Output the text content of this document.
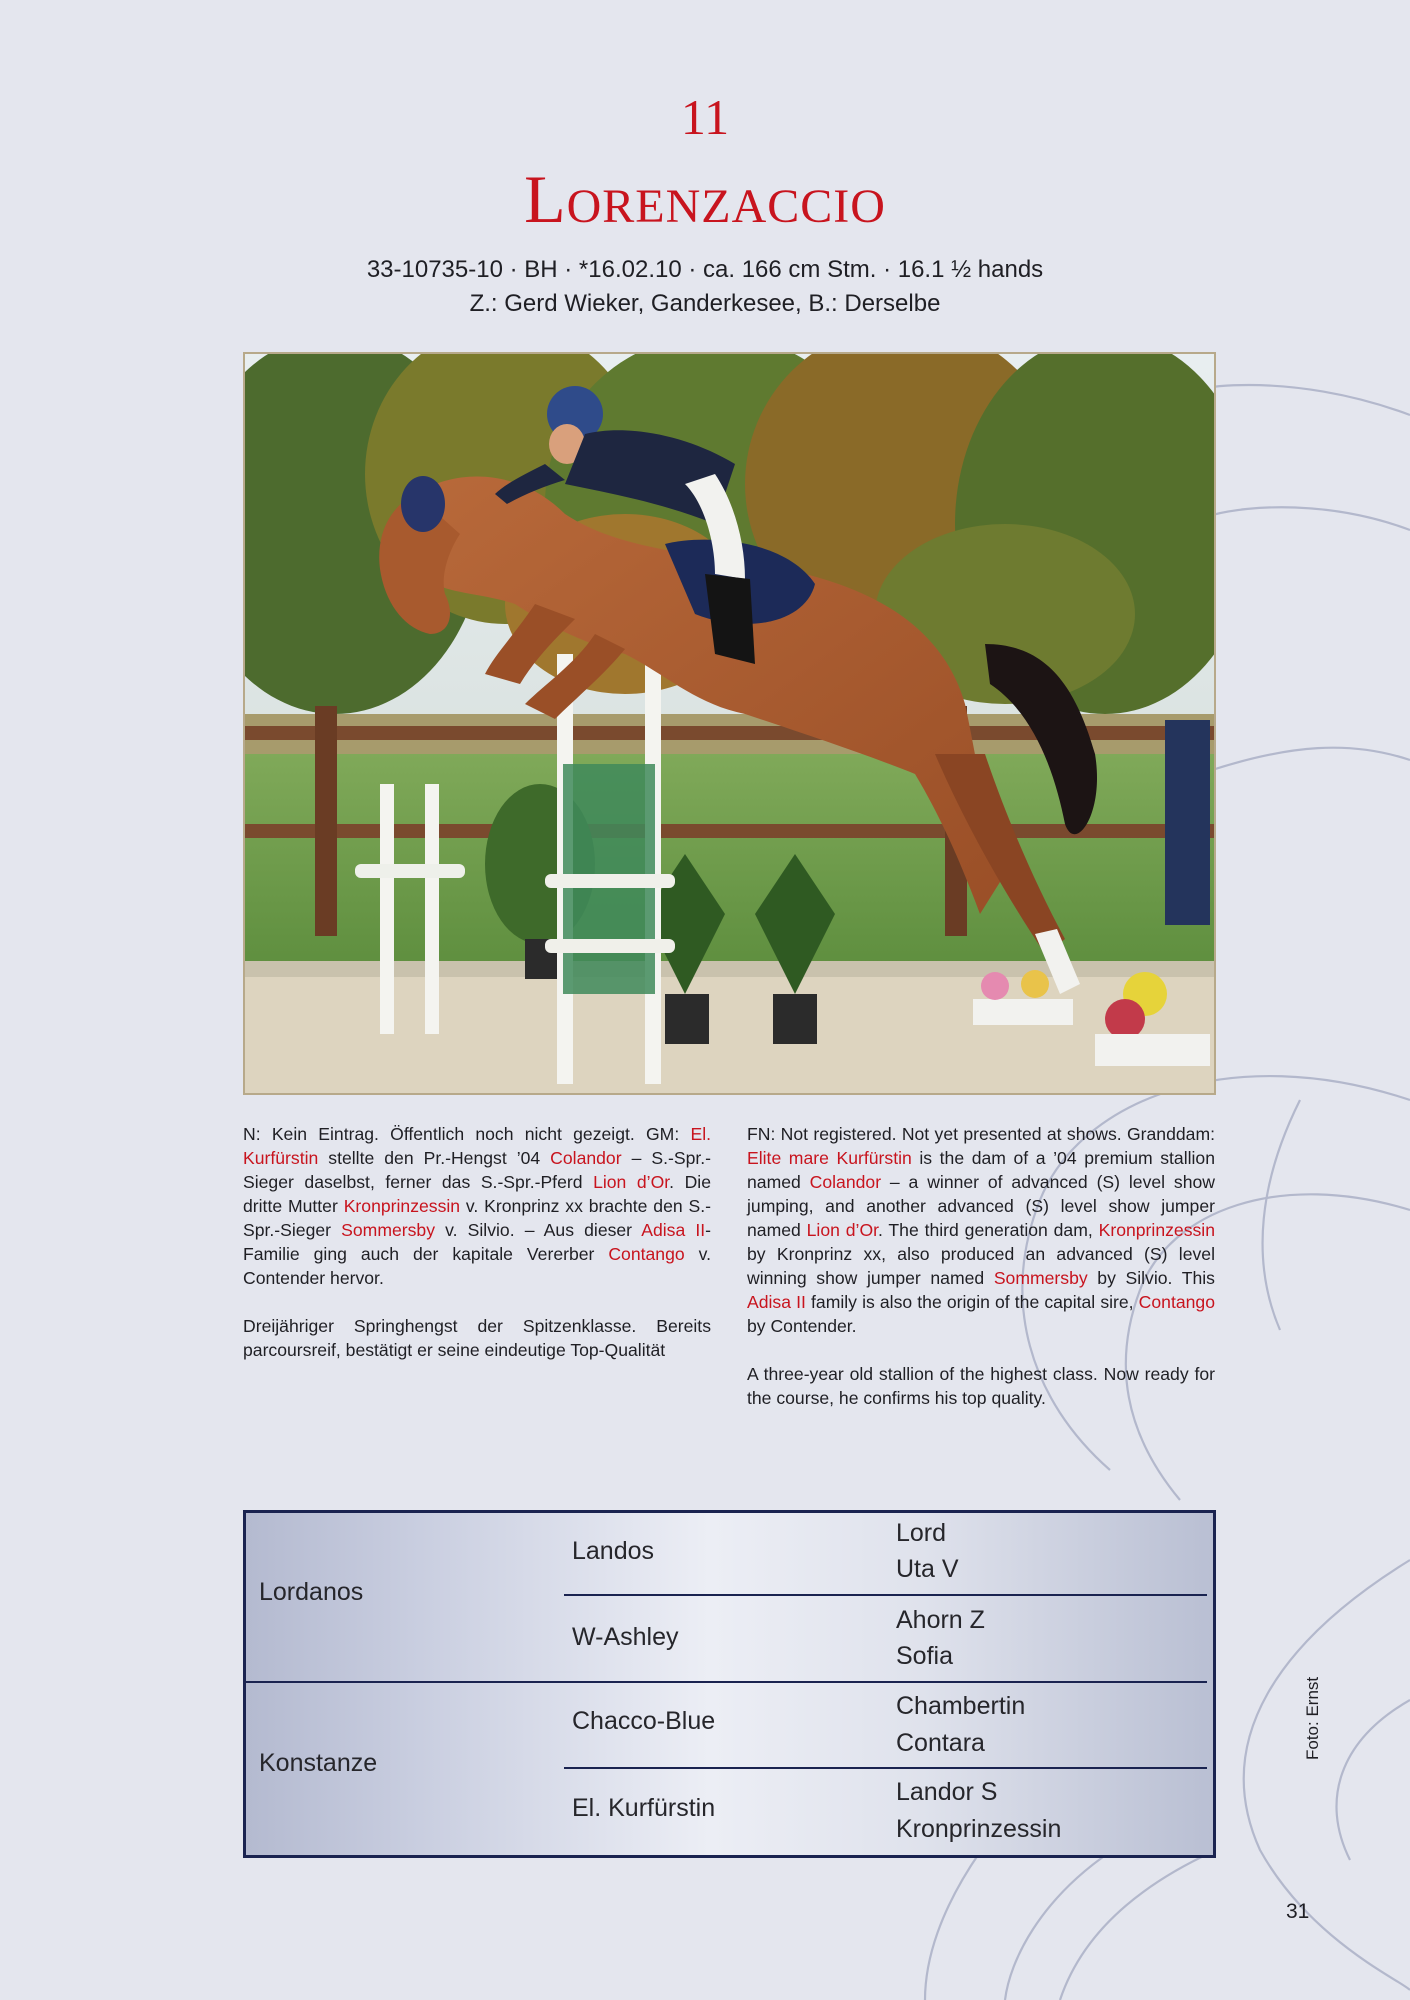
11
Lorenzaccio
33-10735-10 · BH · *16.02.10 · ca. 166 cm Stm. · 16.1 ½ hands
Z.: Gerd Wieker, Ganderkesee, B.: Derselbe

N: Kein Eintrag. Öffentlich noch nicht gezeigt. GM: El. Kurfürstin stellte den Pr.-Hengst ’04 Colandor – S.-Spr.-Sieger daselbst, ferner das S.-Spr.-Pferd Lion d’Or. Die dritte Mutter Kronprinzessin v. Kronprinz xx brachte den S.-Spr.-Sieger Sommersby v. Silvio. – Aus dieser Adisa II-Familie ging auch der kapitale Vererber Contango v. Contender hervor.

Dreijähriger Springhengst der Spitzenklasse. Bereits parcoursreif, bestätigt er seine eindeutige Top-Qualität

FN: Not registered. Not yet presented at shows. Granddam: Elite mare Kurfürstin is the dam of a ’04 premium stallion named Colandor – a winner of advanced (S) level show jumping, and another advanced (S) level show jumper named Lion d’Or. The third generation dam, Kronprinzessin by Kronprinz xx, also produced an advanced (S) level winning show jumper named Sommersby by Silvio. This Adisa II family is also the origin of the capital sire, Contango by Contender.

A three-year old stallion of the highest class. Now ready for the course, he confirms his top quality.

Lordanos
Konstanze
Landos
W-Ashley
Chacco-Blue
El. Kurfürstin
Lord
Uta V
Ahorn Z
Sofia
Chambertin
Contara
Landor S
Kronprinzessin
Foto: Ernst
31
